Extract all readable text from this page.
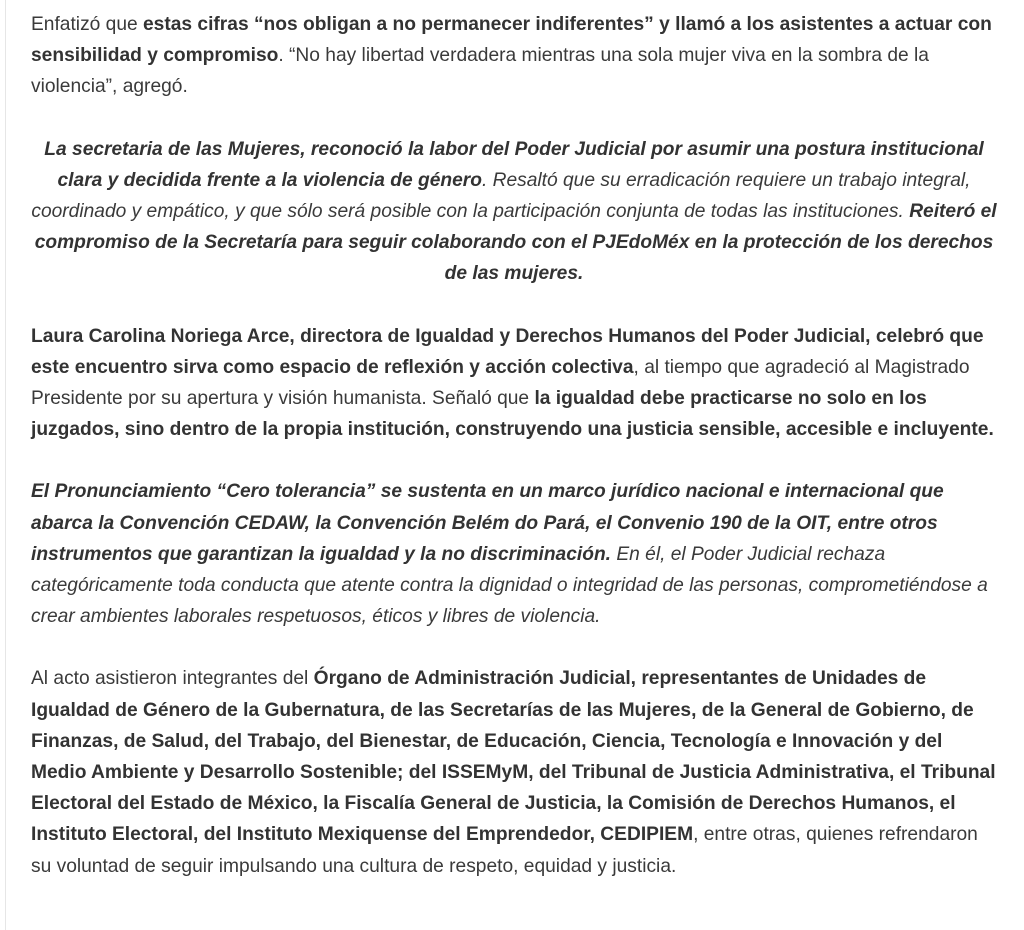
Enfatizó que estas cifras “nos obligan a no permanecer indiferentes” y llamó a los asistentes a actuar con sensibilidad y compromiso. “No hay libertad verdadera mientras una sola mujer viva en la sombra de la violencia”, agregó.

La secretaria de las Mujeres, reconoció la labor del Poder Judicial por asumir una postura institucional clara y decidida frente a la violencia de género. Resaltó que su erradicación requiere un trabajo integral, coordinado y empático, y que sólo será posible con la participación conjunta de todas las instituciones. Reiteró el compromiso de la Secretaría para seguir colaborando con el PJEdoMéx en la protección de los derechos de las mujeres.

Laura Carolina Noriega Arce, directora de Igualdad y Derechos Humanos del Poder Judicial, celebró que este encuentro sirva como espacio de reflexión y acción colectiva, al tiempo que agradeció al Magistrado Presidente por su apertura y visión humanista. Señaló que la igualdad debe practicarse no solo en los juzgados, sino dentro de la propia institución, construyendo una justicia sensible, accesible e incluyente.

El Pronunciamiento “Cero tolerancia” se sustenta en un marco jurídico nacional e internacional que abarca la Convención CEDAW, la Convención Belém do Pará, el Convenio 190 de la OIT, entre otros instrumentos que garantizan la igualdad y la no discriminación. En él, el Poder Judicial rechaza categóricamente toda conducta que atente contra la dignidad o integridad de las personas, comprometiéndose a crear ambientes laborales respetuosos, éticos y libres de violencia.

Al acto asistieron integrantes del Órgano de Administración Judicial, representantes de Unidades de Igualdad de Género de la Gubernatura, de las Secretarías de las Mujeres, de la General de Gobierno, de Finanzas, de Salud, del Trabajo, del Bienestar, de Educación, Ciencia, Tecnología e Innovación y del Medio Ambiente y Desarrollo Sostenible; del ISSEMyM, del Tribunal de Justicia Administrativa, el Tribunal Electoral del Estado de México, la Fiscalía General de Justicia, la Comisión de Derechos Humanos, el Instituto Electoral, del Instituto Mexiquense del Emprendedor, CEDIPIEM, entre otras, quienes refrendaron su voluntad de seguir impulsando una cultura de respeto, equidad y justicia.
